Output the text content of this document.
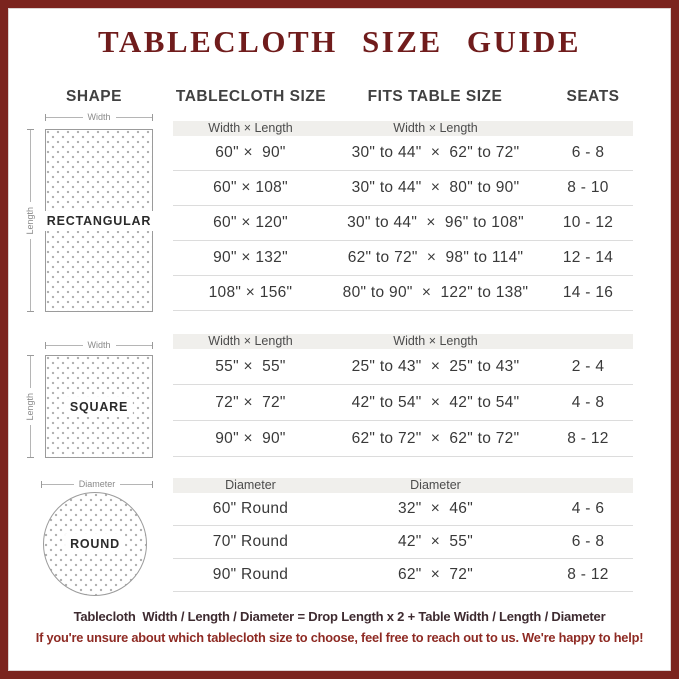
TABLECLOTH SIZE GUIDE
SHAPE	TABLECLOTH SIZE	FITS TABLE SIZE	SEATS
Width
Length RECTANGULAR
Width
Length	SQUARE
Diameter
ROUND
Width × Length	Width × Length
60" ×  90"	30" to 44"  ×  62" to 72"	6 - 8
60" × 108"	30" to 44"  ×  80" to 90"	8 - 10
60" × 120"	30" to 44"  ×  96" to 108"	10 - 12
90" × 132"	62" to 72"  ×  98" to 114"	12 - 14
108" × 156"	80" to 90"  ×  122" to 138"	14 - 16
Width × Length	Width × Length
55" ×  55"	25" to 43"  ×  25" to 43"	2 - 4
72" ×  72"	42" to 54"  ×  42" to 54"	4 - 8
90" ×  90"	62" to 72"  ×  62" to 72"	8 - 12
Diameter	Diameter
60" Round	32"  ×  46"	4 - 6
70" Round	42"  ×  55"	6 - 8
90" Round	62"  ×  72"	8 - 12

Tablecloth  Width / Length / Diameter = Drop Length x 2 + Table Width / Length / Diameter

If you're unsure about which tablecloth size to choose, feel free to reach out to us. We're happy to help!
